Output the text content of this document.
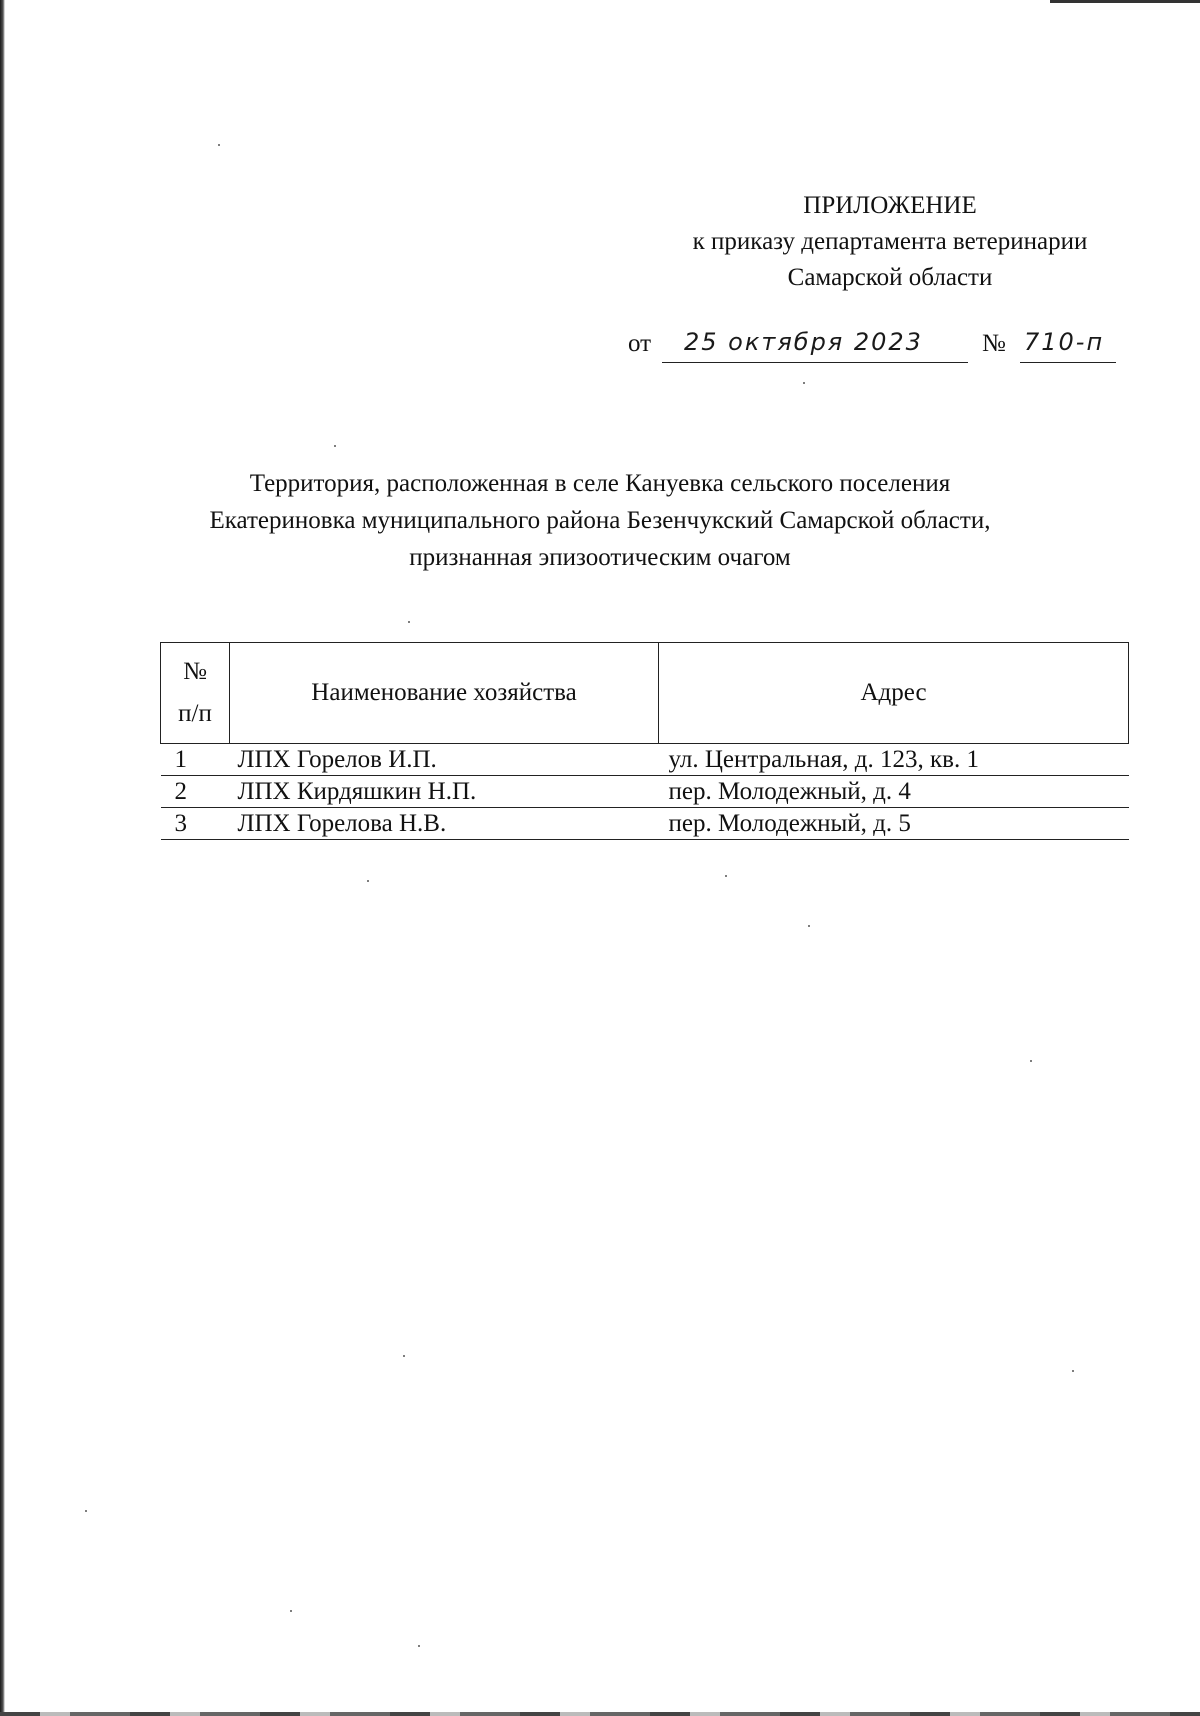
ПРИЛОЖЕНИЕ
к приказу департамента ветеринарии
Самарской области
от 25 октября 2023 № 710-п
Территория, расположенная в селе Кануевка сельского поселения
Екатериновка муниципального района Безенчукский Самарской области,
признанная эпизоотическим очагом
№
п/п	Наименование хозяйства	Адрес
1	ЛПХ Горелов И.П.	ул. Центральная, д. 123, кв. 1
2	ЛПХ Кирдяшкин Н.П.	пер. Молодежный, д. 4
3	ЛПХ Горелова Н.В.	пер. Молодежный, д. 5
